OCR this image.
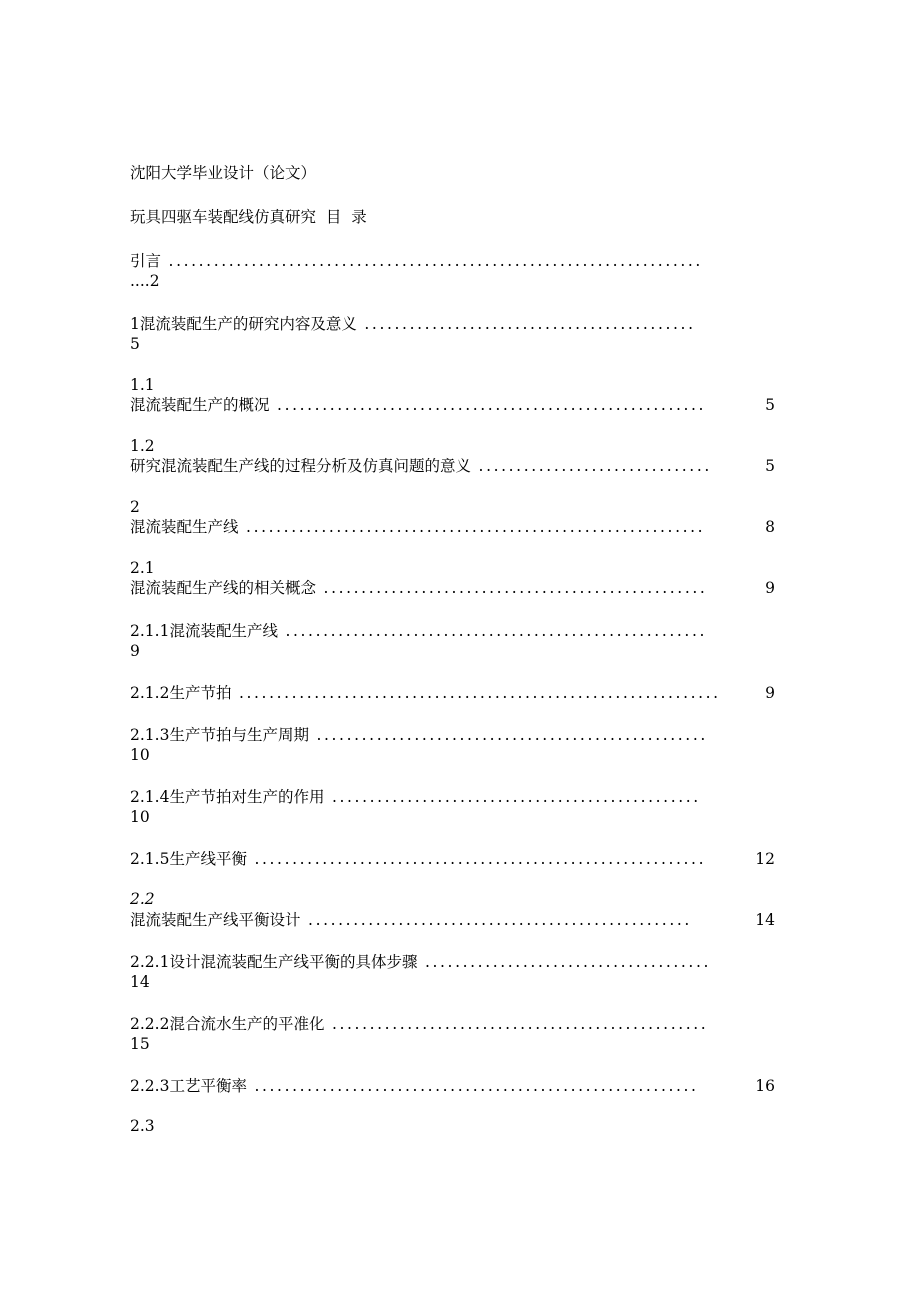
沈阳大学毕业设计（论文）
玩具四驱车装配线仿真研究  目  录
引言 .......................................................................
....2
1混流装配生产的研究内容及意义 ............................................
5
1.1
混流装配生产的概况 .........................................................	5
1.2
研究混流装配生产线的过程分析及仿真问题的意义 ...............................	5
2
混流装配生产线 .............................................................	8
2.1
混流装配生产线的相关概念 ...................................................	9
2.1.1混流装配生产线 ........................................................
9
2.1.2生产节拍 ................................................................	9
2.1.3生产节拍与生产周期 ....................................................
10
2.1.4生产节拍对生产的作用 .................................................
10
2.1.5生产线平衡 ............................................................	12
2.2
混流装配生产线平衡设计 ...................................................	14
2.2.1设计混流装配生产线平衡的具体步骤 ......................................
14
2.2.2混合流水生产的平准化 ..................................................
15
2.2.3工艺平衡率 ...........................................................	16
2.3
